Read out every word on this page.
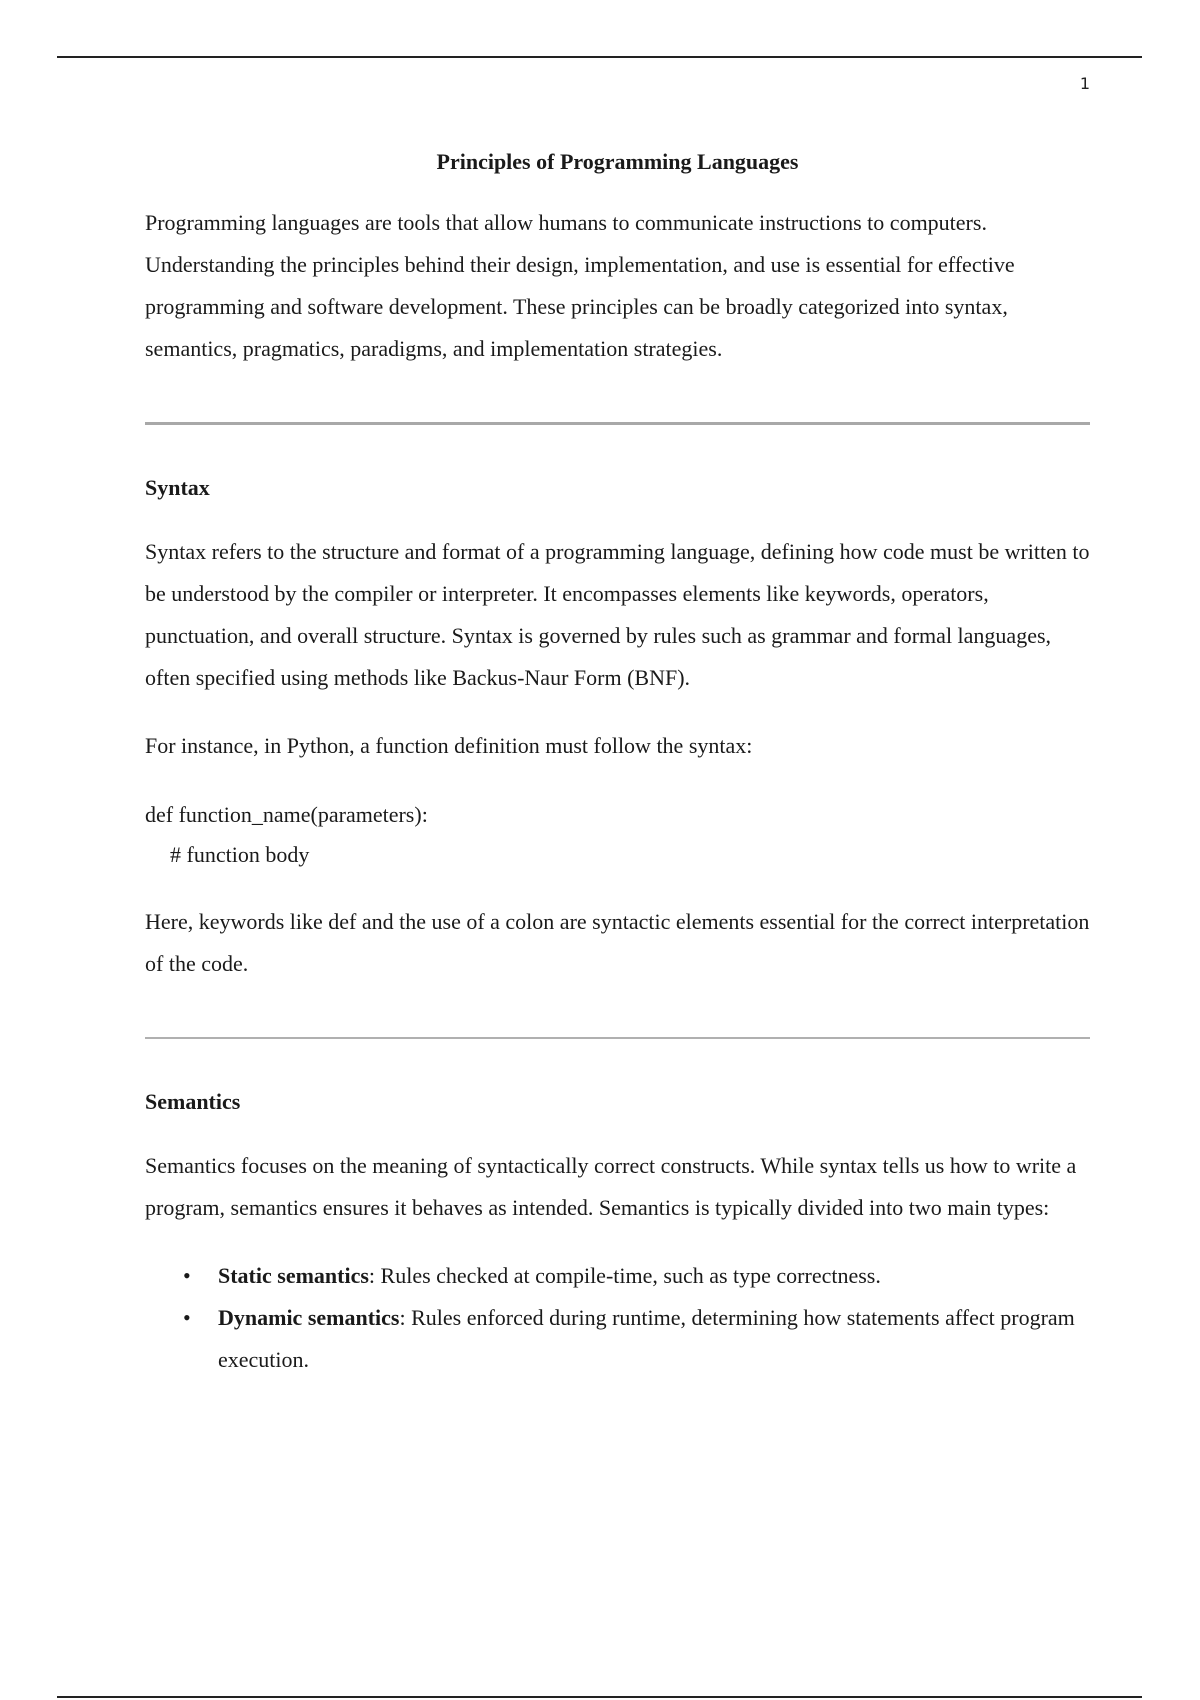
1
Principles of Programming Languages

Programming languages are tools that allow humans to communicate instructions to computers. Understanding the principles behind their design, implementation, and use is essential for effective programming and software development. These principles can be broadly categorized into syntax, semantics, pragmatics, paradigms, and implementation strategies.

Syntax

Syntax refers to the structure and format of a programming language, defining how code must be written to be understood by the compiler or interpreter. It encompasses elements like keywords, operators, punctuation, and overall structure. Syntax is governed by rules such as grammar and formal languages, often specified using methods like Backus-Naur Form (BNF).

For instance, in Python, a function definition must follow the syntax:

def function_name(parameters):
# function body

Here, keywords like def and the use of a colon are syntactic elements essential for the correct interpretation of the code.

Semantics

Semantics focuses on the meaning of syntactically correct constructs. While syntax tells us how to write a program, semantics ensures it behaves as intended. Semantics is typically divided into two main types:

• Static semantics: Rules checked at compile-time, such as type correctness.
• Dynamic semantics: Rules enforced during runtime, determining how statements affect program execution.
